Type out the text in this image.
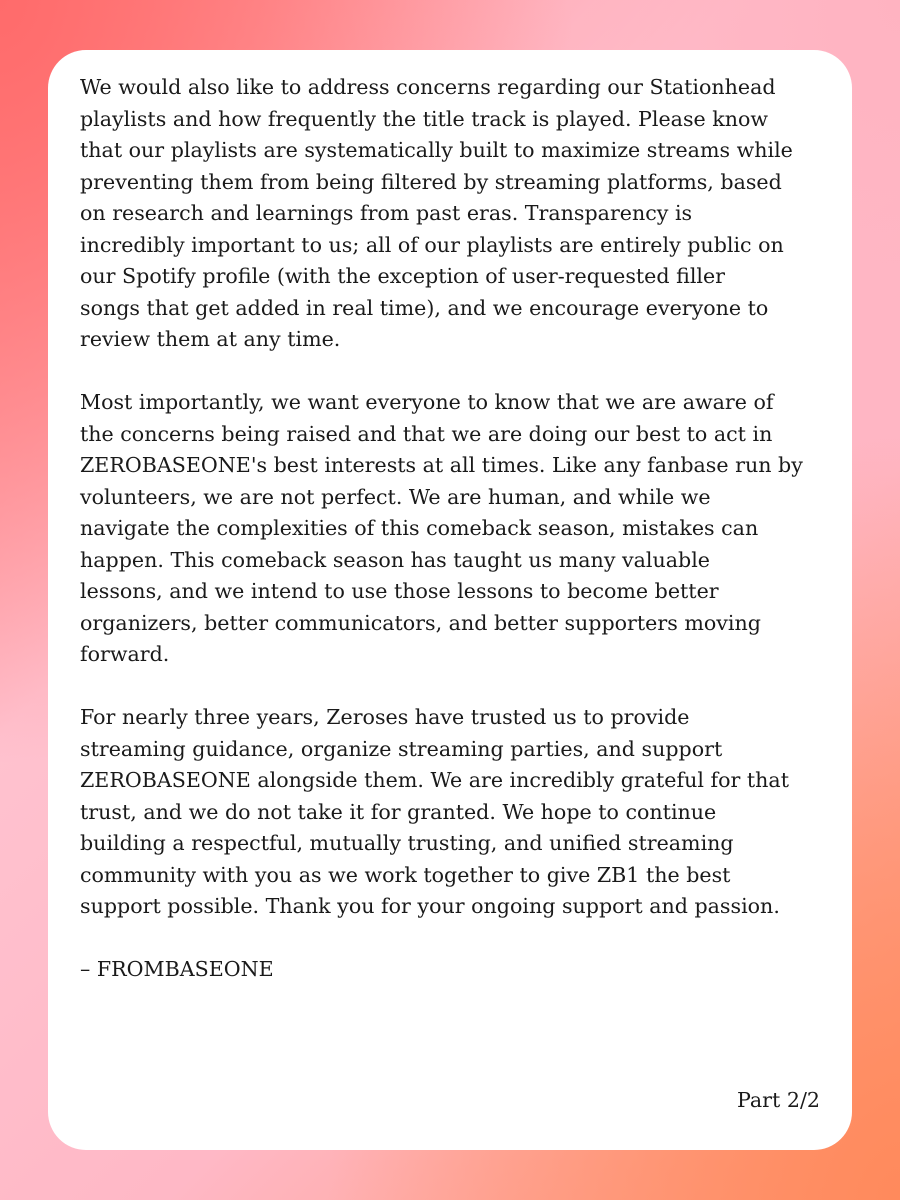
We would also like to address concerns regarding our Stationhead
playlists and how frequently the title track is played. Please know
that our playlists are systematically built to maximize streams while
preventing them from being filtered by streaming platforms, based
on research and learnings from past eras. Transparency is
incredibly important to us; all of our playlists are entirely public on
our Spotify profile (with the exception of user-requested filler
songs that get added in real time), and we encourage everyone to
review them at any time.

Most importantly, we want everyone to know that we are aware of
the concerns being raised and that we are doing our best to act in
ZEROBASEONE's best interests at all times. Like any fanbase run by
volunteers, we are not perfect. We are human, and while we
navigate the complexities of this comeback season, mistakes can
happen. This comeback season has taught us many valuable
lessons, and we intend to use those lessons to become better
organizers, better communicators, and better supporters moving
forward.

For nearly three years, Zeroses have trusted us to provide
streaming guidance, organize streaming parties, and support
ZEROBASEONE alongside them. We are incredibly grateful for that
trust, and we do not take it for granted. We hope to continue
building a respectful, mutually trusting, and unified streaming
community with you as we work together to give ZB1 the best
support possible. Thank you for your ongoing support and passion.

– FROMBASEONE
Part 2/2
